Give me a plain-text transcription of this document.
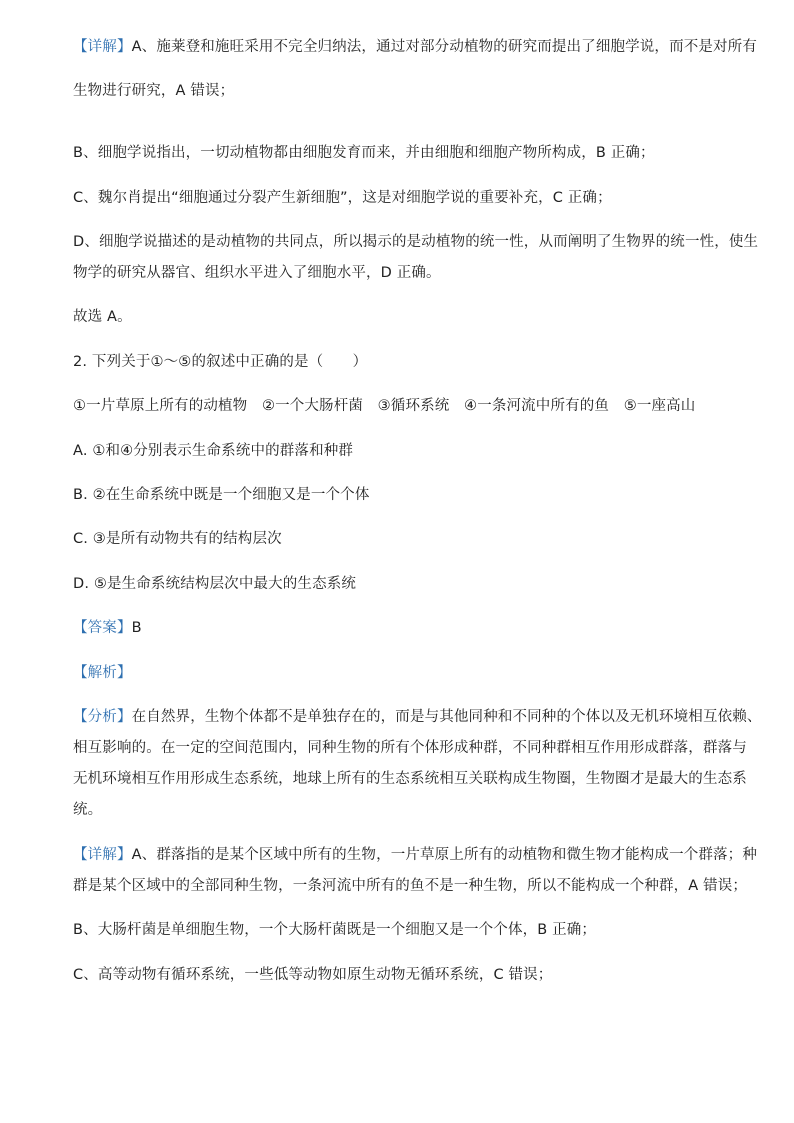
【详解】A、施莱登和施旺采用不完全归纳法，通过对部分动植物的研究而提出了细胞学说，而不是对所有
生物进行研究，A 错误；
B、细胞学说指出，一切动植物都由细胞发育而来，并由细胞和细胞产物所构成，B 正确；
C、魏尔肖提出“细胞通过分裂产生新细胞”，这是对细胞学说的重要补充，C 正确；
D、细胞学说描述的是动植物的共同点，所以揭示的是动植物的统一性，从而阐明了生物界的统一性，使生
物学的研究从器官、组织水平进入了细胞水平，D 正确。
故选 A。
2. 下列关于①～⑤的叙述中正确的是（　　）
①一片草原上所有的动植物　②一个大肠杆菌　③循环系统　④一条河流中所有的鱼　⑤一座高山
A. ①和④分别表示生命系统中的群落和种群
B. ②在生命系统中既是一个细胞又是一个个体
C. ③是所有动物共有的结构层次
D. ⑤是生命系统结构层次中最大的生态系统
【答案】B
【解析】
【分析】在自然界，生物个体都不是单独存在的，而是与其他同种和不同种的个体以及无机环境相互依赖、
相互影响的。在一定的空间范围内，同种生物的所有个体形成种群，不同种群相互作用形成群落，群落与
无机环境相互作用形成生态系统，地球上所有的生态系统相互关联构成生物圈，生物圈才是最大的生态系
统。
【详解】A、群落指的是某个区域中所有的生物，一片草原上所有的动植物和微生物才能构成一个群落；种
群是某个区域中的全部同种生物，一条河流中所有的鱼不是一种生物，所以不能构成一个种群，A 错误；
B、大肠杆菌是单细胞生物，一个大肠杆菌既是一个细胞又是一个个体，B 正确；
C、高等动物有循环系统，一些低等动物如原生动物无循环系统，C 错误；
